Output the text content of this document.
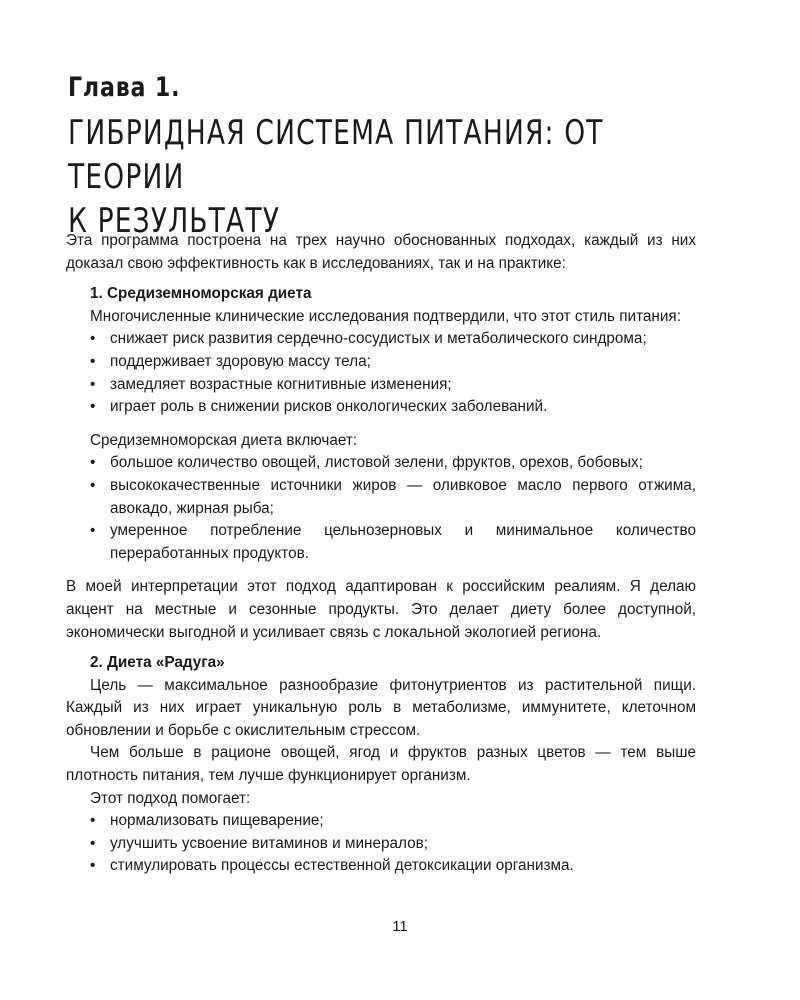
Глава 1.
ГИБРИДНАЯ СИСТЕМА ПИТАНИЯ: ОТ ТЕОРИИ
К РЕЗУЛЬТАТУ

Эта программа построена на трех научно обоснованных подходах, каждый из них доказал свою эффективность как в исследованиях, так и на практике:

1. Средиземноморская диета

Многочисленные клинические исследования подтвердили, что этот стиль питания:

• снижает риск развития сердечно-сосудистых и метаболического синдрома;
• поддерживает здоровую массу тела;
• замедляет возрастные когнитивные изменения;
• играет роль в снижении рисков онкологических заболеваний.

Средиземноморская диета включает:

• большое количество овощей, листовой зелени, фруктов, орехов, бобовых;
• высококачественные источники жиров — оливковое масло первого отжима, авокадо, жирная рыба;
• умеренное потребление цельнозерновых и минимальное количество переработанных продуктов.

В моей интерпретации этот подход адаптирован к российским реалиям. Я делаю акцент на местные и сезонные продукты. Это делает диету более доступной, экономически выгодной и усиливает связь с локальной экологией региона.

2. Диета «Радуга»

Цель — максимальное разнообразие фитонутриентов из растительной пищи. Каждый из них играет уникальную роль в метаболизме, иммунитете, клеточном обновлении и борьбе с окислительным стрессом.

Чем больше в рационе овощей, ягод и фруктов разных цветов — тем выше плотность питания, тем лучше функционирует организм.

Этот подход помогает:

• нормализовать пищеварение;
• улучшить усвоение витаминов и минералов;
• стимулировать процессы естественной детоксикации организма.
11
